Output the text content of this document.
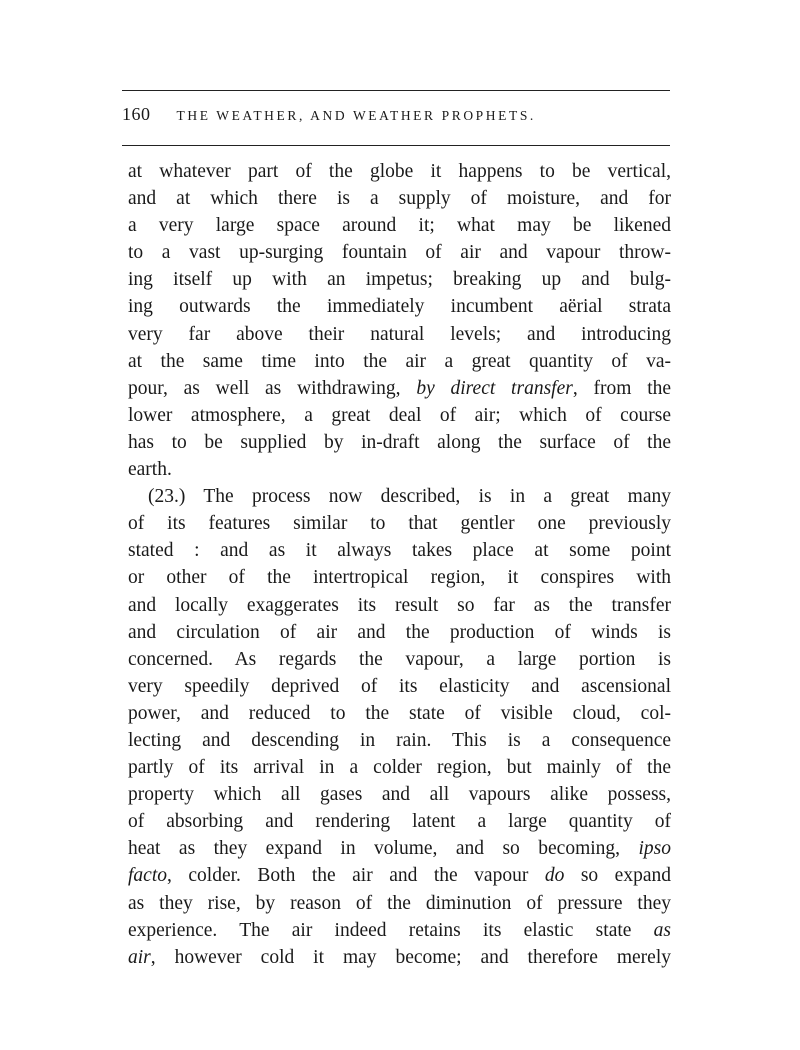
160 THE WEATHER, AND WEATHER PROPHETS.
at whatever part of the globe it happens to be vertical,
and at which there is a supply of moisture, and for
a very large space around it; what may be likened
to a vast up-surging fountain of air and vapour throw-
ing itself up with an impetus; breaking up and bulg-
ing outwards the immediately incumbent aërial strata
very far above their natural levels; and introducing
at the same time into the air a great quantity of va-
pour, as well as withdrawing, by direct transfer, from the
lower atmosphere, a great deal of air; which of course
has to be supplied by in-draft along the surface of the
earth.
(23.) The process now described, is in a great many
of its features similar to that gentler one previously
stated : and as it always takes place at some point
or other of the intertropical region, it conspires with
and locally exaggerates its result so far as the transfer
and circulation of air and the production of winds is
concerned. As regards the vapour, a large portion is
very speedily deprived of its elasticity and ascensional
power, and reduced to the state of visible cloud, col-
lecting and descending in rain. This is a consequence
partly of its arrival in a colder region, but mainly of the
property which all gases and all vapours alike possess,
of absorbing and rendering latent a large quantity of
heat as they expand in volume, and so becoming, ipso
facto, colder. Both the air and the vapour do so expand
as they rise, by reason of the diminution of pressure they
experience. The air indeed retains its elastic state as
air, however cold it may become; and therefore merely
